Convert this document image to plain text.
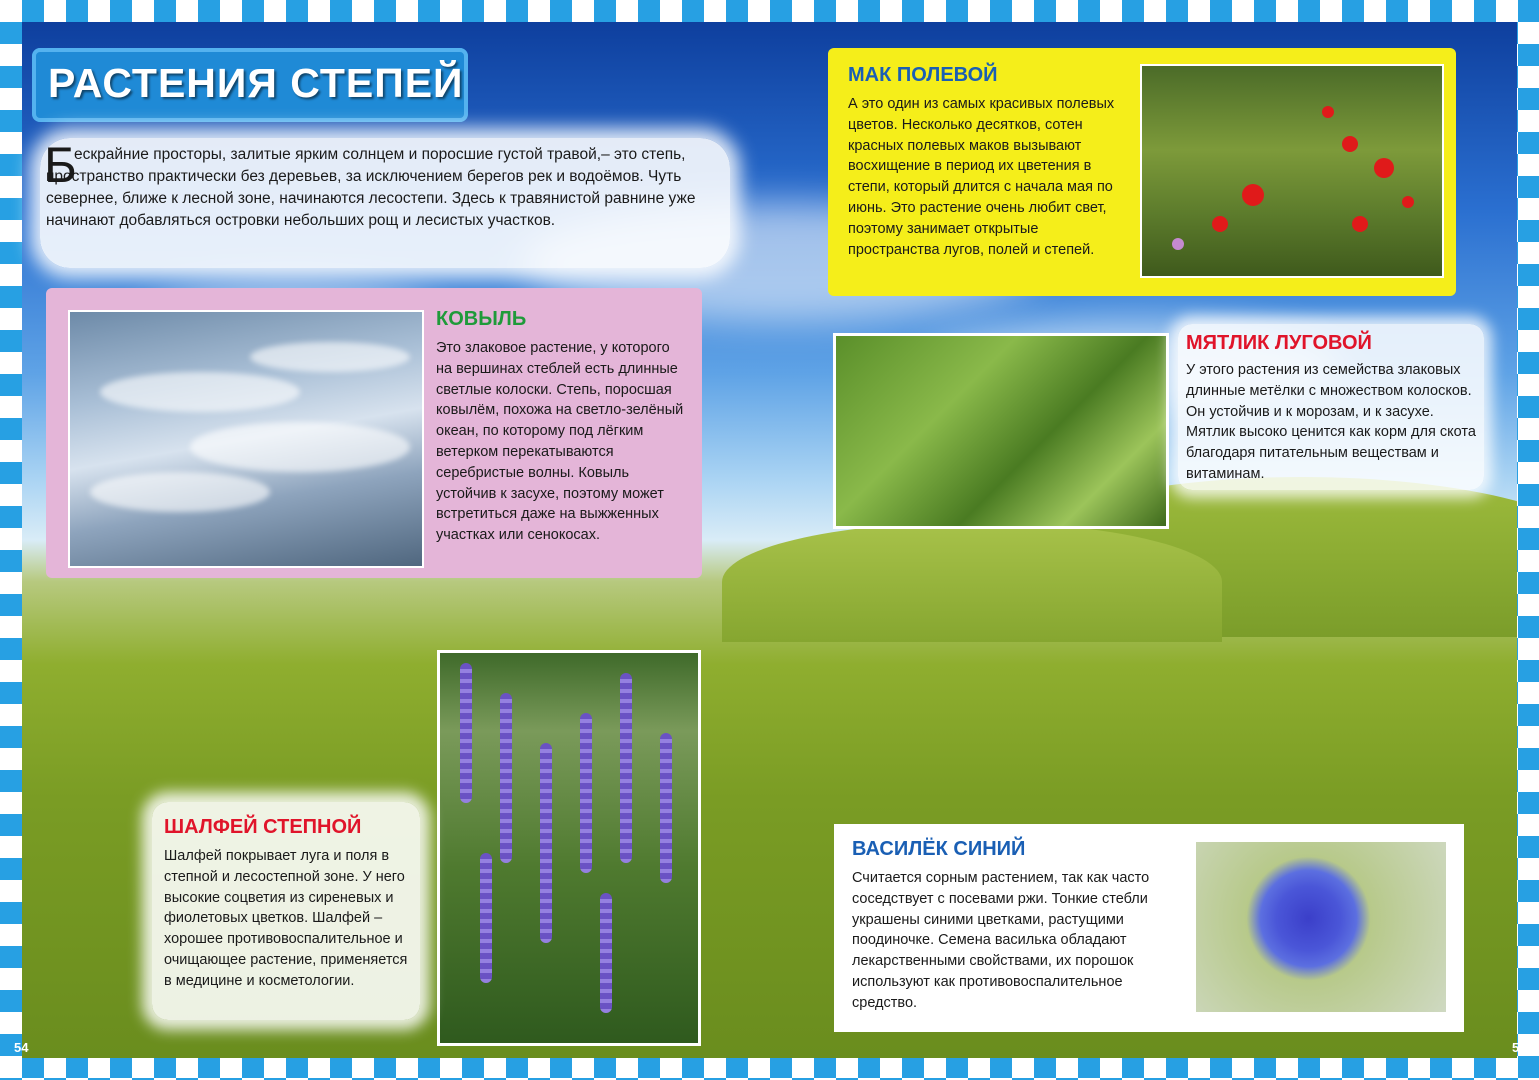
54	55
РАСТЕНИЯ СТЕПЕЙ
Б
ескрайние просторы, залитые ярким солнцем и поросшие густой травой,– это степь, пространство практически без деревьев, за исключением берегов рек и водоёмов. Чуть севернее, ближе к лесной зоне, начинаются лесостепи. Здесь к травянистой равнине уже начинают добавляться островки небольших рощ и лесистых участков.
КОВЫЛЬ
Это злаковое растение, у которого на вершинах стеблей есть длинные светлые колоски. Степь, поросшая ковылём, похожа на светло-зелёный океан, по которому под лёгким ветерком перекатываются серебристые волны. Ковыль устойчив к засухе, поэтому может встретиться даже на выжженных участках или сенокосах.
МАК ПОЛЕВОЙ
А это один из самых красивых полевых цветов. Несколько десятков, сотен красных полевых маков вызывают восхищение в период их цветения в степи, который длится с начала мая по июнь. Это растение очень любит свет, поэтому занимает открытые пространства лугов, полей и степей.
МЯТЛИК ЛУГОВОЙ
У этого растения из семейства злаковых длинные метёлки с множеством колосков. Он устойчив и к морозам, и к засухе. Мятлик высоко ценится как корм для скота благодаря питательным веществам и витаминам.
ШАЛФЕЙ СТЕПНОЙ
Шалфей покрывает луга и поля в степной и лесостепной зоне. У него высокие соцветия из сиреневых и фиолетовых цветков. Шалфей – хорошее противовоспалительное и очищающее растение, применяется в медицине и косметологии.
ВАСИЛЁК СИНИЙ
Считается сорным растением, так как часто соседствует с посевами ржи. Тонкие стебли украшены синими цветками, растущими поодиночке. Семена василька обладают лекарственными свойствами, их порошок используют как противовоспалительное средство.
